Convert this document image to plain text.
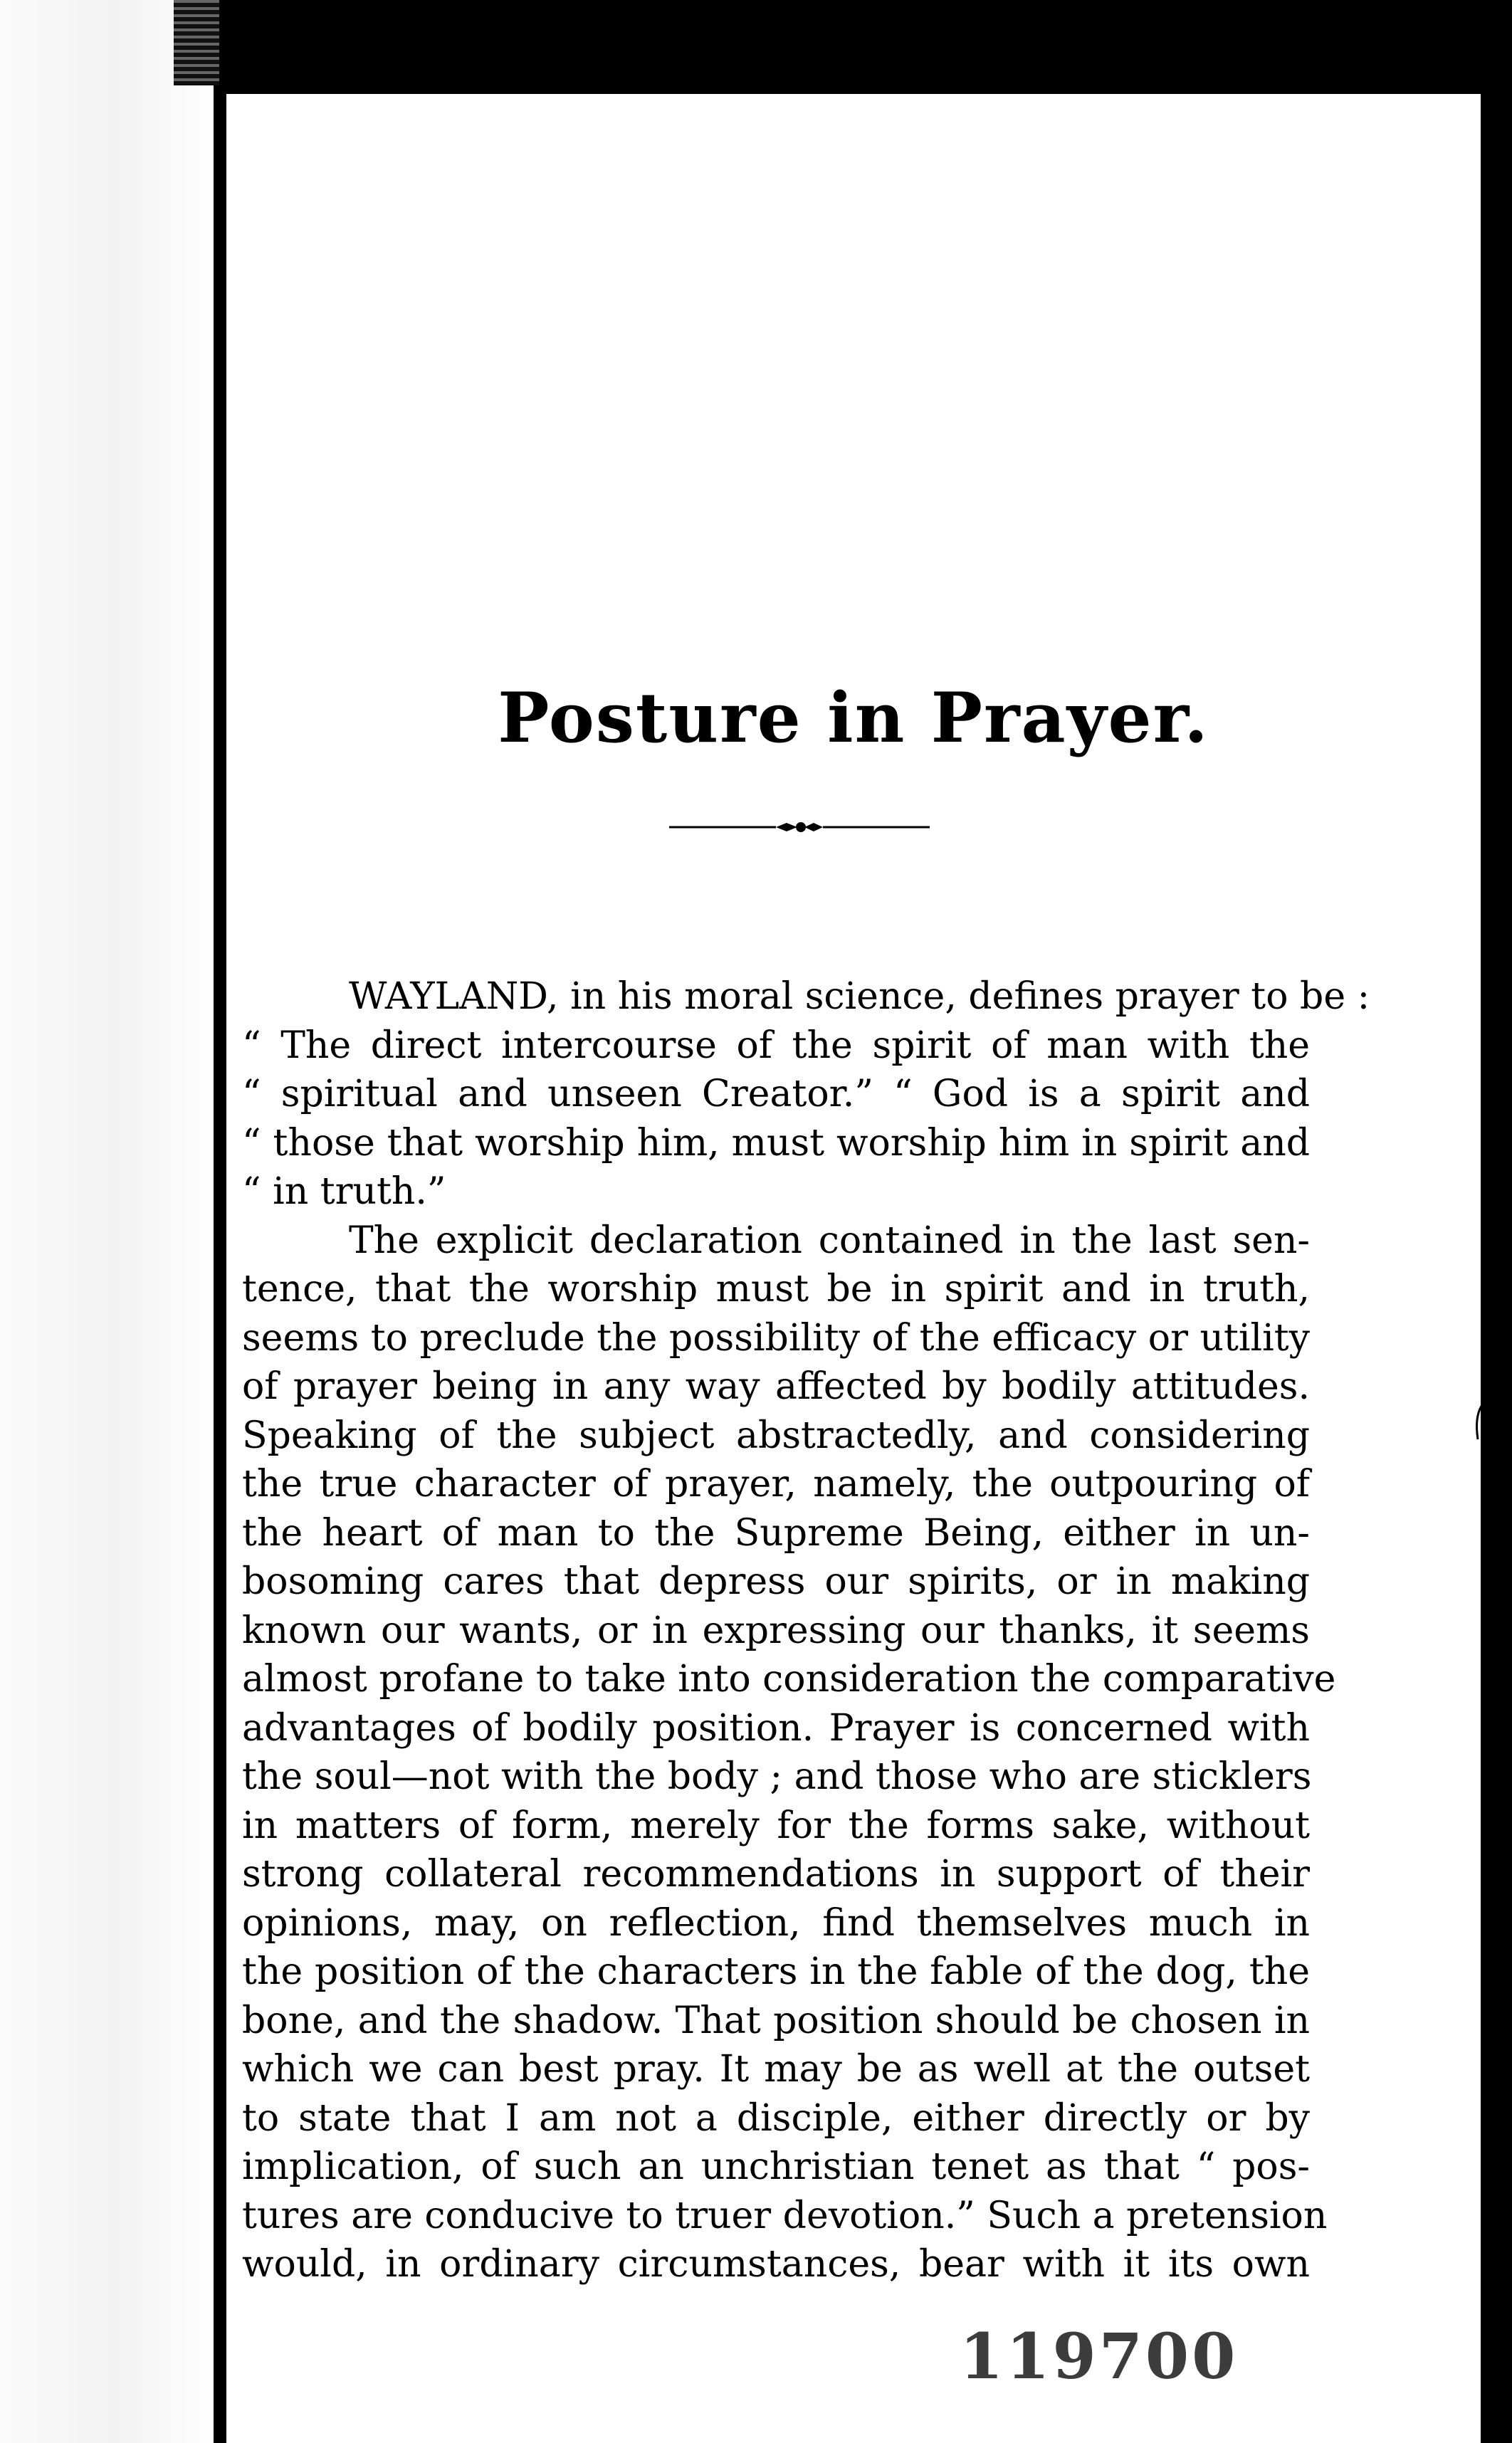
Posture in Prayer.

WAYLAND, in his moral science, defines prayer to be :
“ The direct intercourse of the spirit of man with the
“ spiritual and unseen Creator.” “ God is a spirit and
“ those that worship him, must worship him in spirit and
“ in truth.”

The explicit declaration contained in the last sen-
tence, that the worship must be in spirit and in truth,
seems to preclude the possibility of the efficacy or utility
of prayer being in any way affected by bodily attitudes.
Speaking of the subject abstractedly, and considering
the true character of prayer, namely, the outpouring of
the heart of man to the Supreme Being, either in un-
bosoming cares that depress our spirits, or in making
known our wants, or in expressing our thanks, it seems
almost profane to take into consideration the comparative
advantages of bodily position. Prayer is concerned with
the soul—not with the body ; and those who are sticklers
in matters of form, merely for the forms sake, without
strong collateral recommendations in support of their
opinions, may, on reflection, find themselves much in
the position of the characters in the fable of the dog, the
bone, and the shadow. That position should be chosen in
which we can best pray. It may be as well at the outset
to state that I am not a disciple, either directly or by
implication, of such an unchristian tenet as that “ pos-
tures are conducive to truer devotion.” Such a pretension
would, in ordinary circumstances, bear with it its own

119700
